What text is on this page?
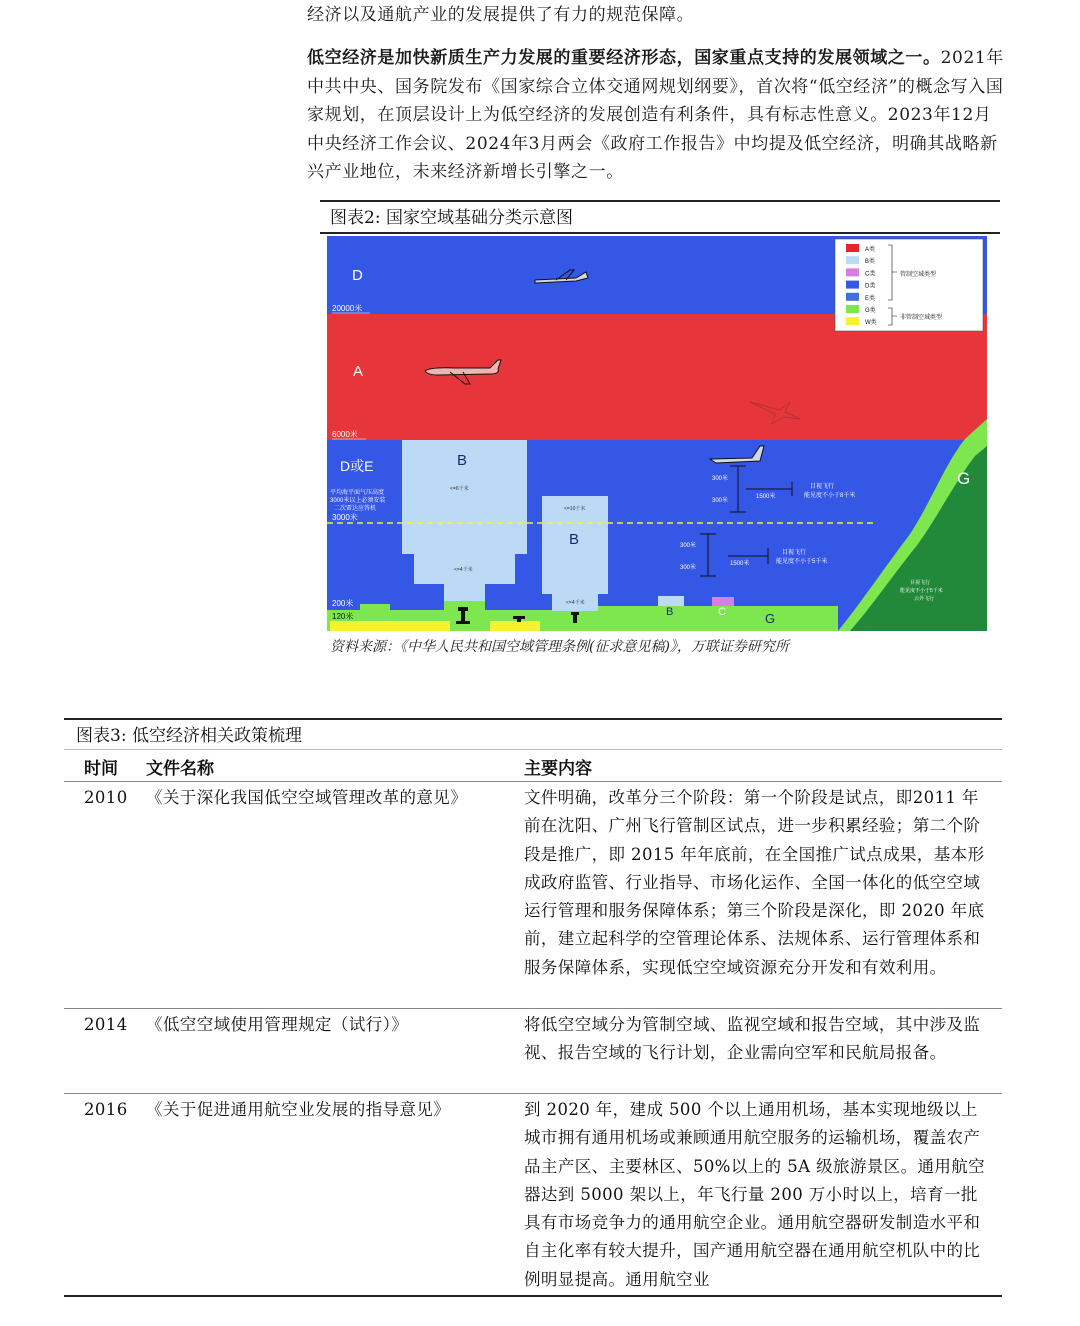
经济以及通航产业的发展提供了有力的规范保障。
低空经济是加快新质生产力发展的重要经济形态，国家重点支持的发展领域之一。2021年中共中央、国务院发布《国家综合立体交通网规划纲要》，首次将“低空经济”的概念写入国家规划，在顶层设计上为低空经济的发展创造有利条件，具有标志性意义。2023年12月中央经济工作会议、2024年3月两会《政府工作报告》中均提及低空经济，明确其战略新兴产业地位，未来经济新增长引擎之一。
图表2: 国家空域基础分类示意图
20000米
6000米
3000米
200米
120米
D
A
D或E	B
B
B	C	G
G
平均海平面气压高度
3000米以上必须安装
二次雷达应答机
<=6千米
<=4千米
<=10千米
<=4千米
300米
300米
1500米
目视飞行
能见度不小于8千米
300米
300米
1500米
目视飞行
能见度不小于5千米
目视飞行
能见度不小于5千米
云外飞行
A类
B类
C类
D类
E类
G类
W类
管制空域类型
非管制空域类型
资料来源：《中华人民共和国空域管理条例(征求意见稿)》，万联证券研究所
图表3: 低空经济相关政策梳理
时间 文件名称	主要内容
2010 《关于深化我国低空空域管理改革的意见》	文件明确，改革分三个阶段：第一个阶段是试点，即2011 年前在沈阳、广州飞行管制区试点，进一步积累经验；第二个阶段是推广，即 2015 年年底前，在全国推广试点成果，基本形成政府监管、行业指导、市场化运作、全国一体化的低空空域运行管理和服务保障体系；第三个阶段是深化，即 2020 年底前，建立起科学的空管理论体系、法规体系、运行管理体系和服务保障体系，实现低空空域资源充分开发和有效利用。
2014 《低空空域使用管理规定（试行）》	将低空空域分为管制空域、监视空域和报告空域，其中涉及监视、报告空域的飞行计划，企业需向空军和民航局报备。
2016 《关于促进通用航空业发展的指导意见》	到 2020 年，建成 500 个以上通用机场，基本实现地级以上城市拥有通用机场或兼顾通用航空服务的运输机场，覆盖农产品主产区、主要林区、50%以上的 5A 级旅游景区。通用航空器达到 5000 架以上，年飞行量 200 万小时以上，培育一批具有市场竞争力的通用航空企业。通用航空器研发制造水平和自主化率有较大提升，国产通用航空器在通用航空机队中的比例明显提高。通用航空业
